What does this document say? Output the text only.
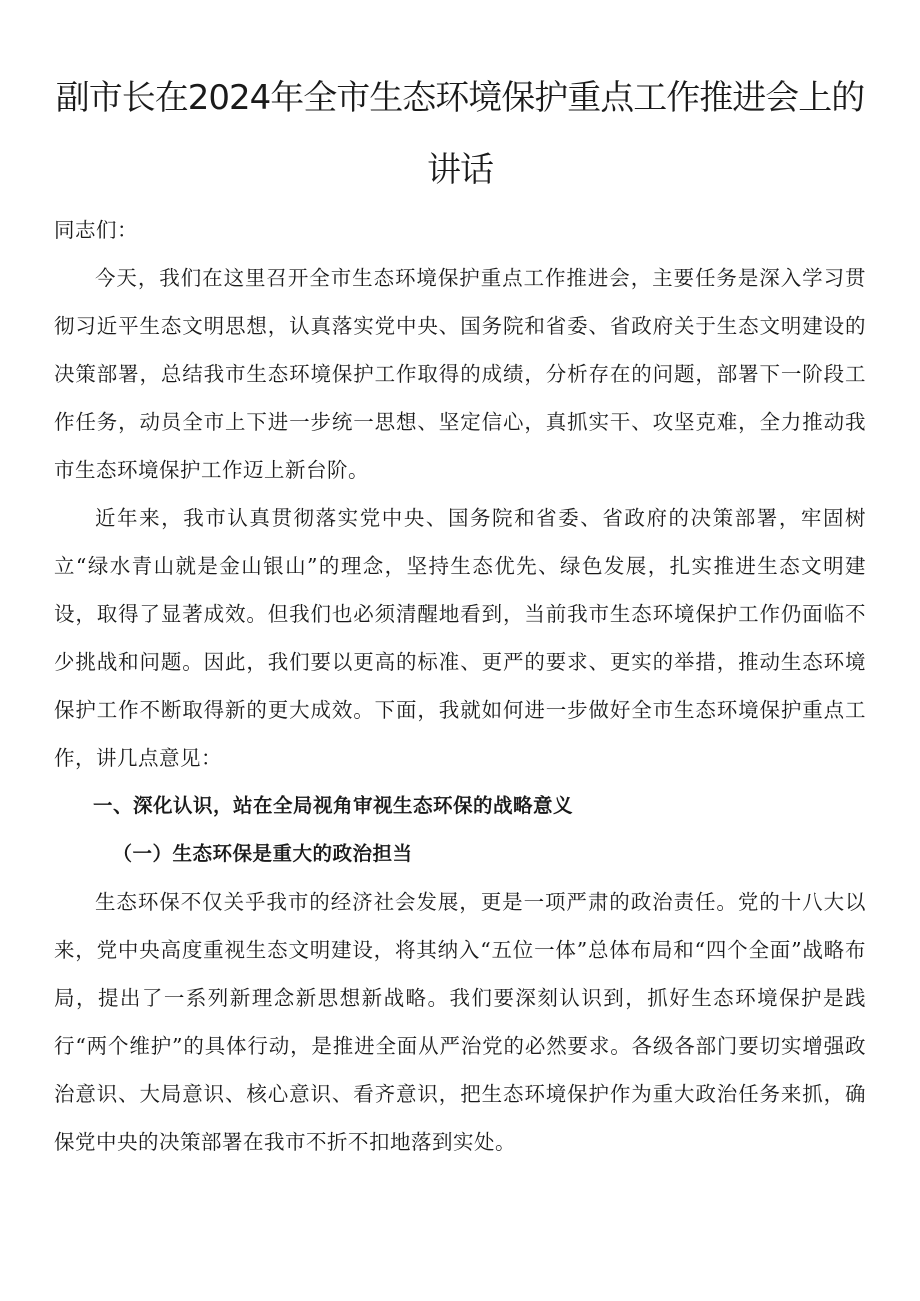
副市长在2024年全市生态环境保护重点工作推进会上的讲话

同志们：

今天，我们在这里召开全市生态环境保护重点工作推进会，主要任务是深入学习贯彻习近平生态文明思想，认真落实党中央、国务院和省委、省政府关于生态文明建设的决策部署，总结我市生态环境保护工作取得的成绩，分析存在的问题，部署下一阶段工作任务，动员全市上下进一步统一思想、坚定信心，真抓实干、攻坚克难，全力推动我市生态环境保护工作迈上新台阶。

近年来，我市认真贯彻落实党中央、国务院和省委、省政府的决策部署，牢固树立“绿水青山就是金山银山”的理念，坚持生态优先、绿色发展，扎实推进生态文明建设，取得了显著成效。但我们也必须清醒地看到，当前我市生态环境保护工作仍面临不少挑战和问题。因此，我们要以更高的标准、更严的要求、更实的举措，推动生态环境保护工作不断取得新的更大成效。下面，我就如何进一步做好全市生态环境保护重点工作，讲几点意见：

一、深化认识，站在全局视角审视生态环保的战略意义

（一）生态环保是重大的政治担当

生态环保不仅关乎我市的经济社会发展，更是一项严肃的政治责任。党的十八大以来，党中央高度重视生态文明建设，将其纳入“五位一体”总体布局和“四个全面”战略布局，提出了一系列新理念新思想新战略。我们要深刻认识到，抓好生态环境保护是践行“两个维护”的具体行动，是推进全面从严治党的必然要求。各级各部门要切实增强政治意识、大局意识、核心意识、看齐意识，把生态环境保护作为重大政治任务来抓，确保党中央的决策部署在我市不折不扣地落到实处。
